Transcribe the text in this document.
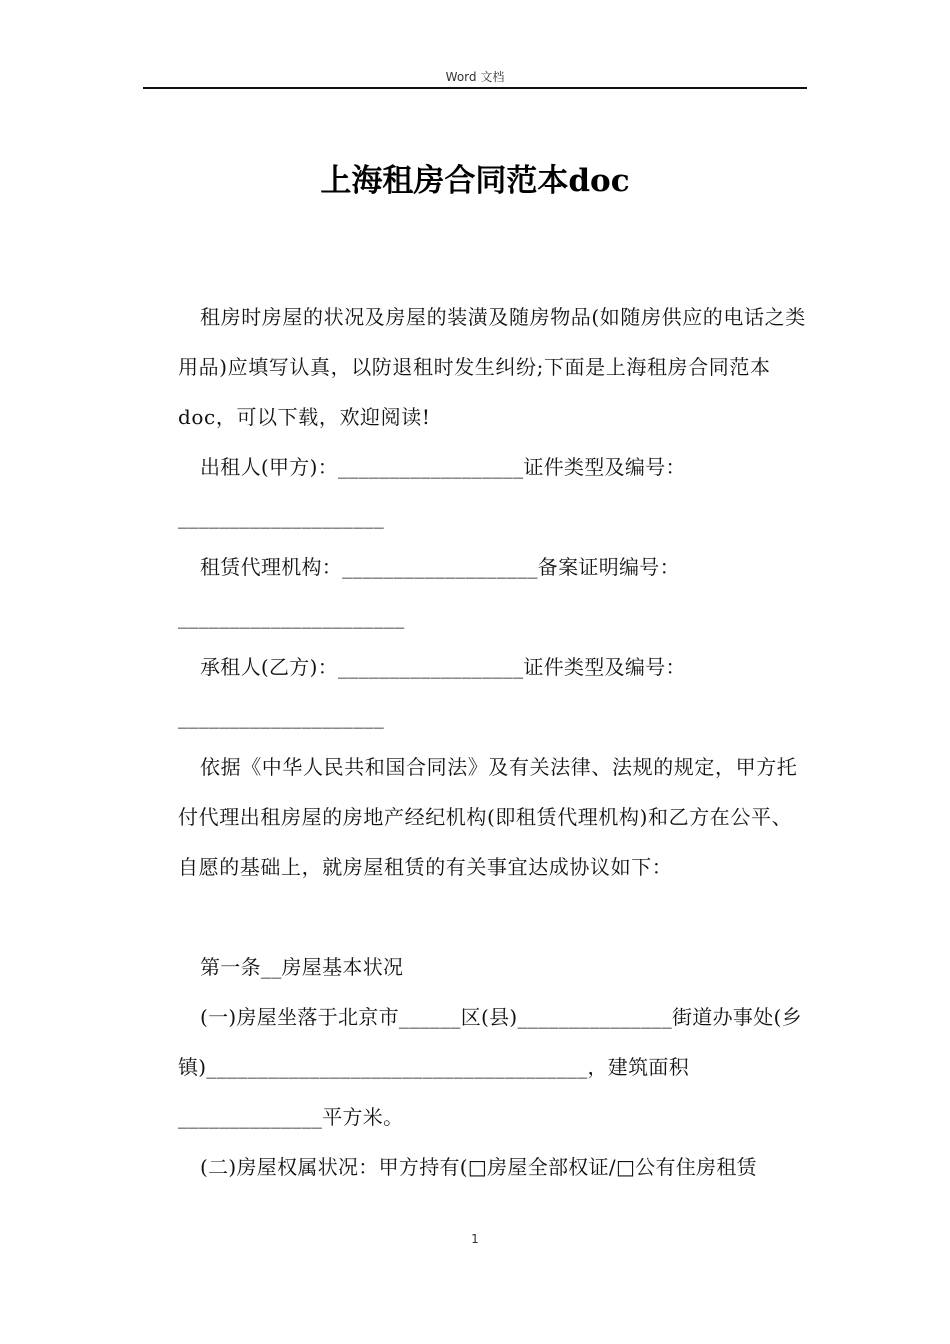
Word 文档
上海租房合同范本doc

租房时房屋的状况及房屋的装潢及随房物品(如随房供应的电话之类用品)应填写认真，以防退租时发生纠纷;下面是上海租房合同范本doc，可以下载，欢迎阅读!

出租人(甲方)：__________________证件类型及编号：____________________

租赁代理机构：___________________备案证明编号：______________________

承租人(乙方)：__________________证件类型及编号：____________________

依据《中华人民共和国合同法》及有关法律、法规的规定，甲方托付代理出租房屋的房地产经纪机构(即租赁代理机构)和乙方在公平、自愿的基础上，就房屋租赁的有关事宜达成协议如下：

第一条__房屋基本状况

(一)房屋坐落于北京市______区(县)_______________街道办事处(乡镇)_____________________________________，建筑面积______________平方米。

(二)房屋权属状况：甲方持有(□房屋全部权证/□公有住房租赁

1
